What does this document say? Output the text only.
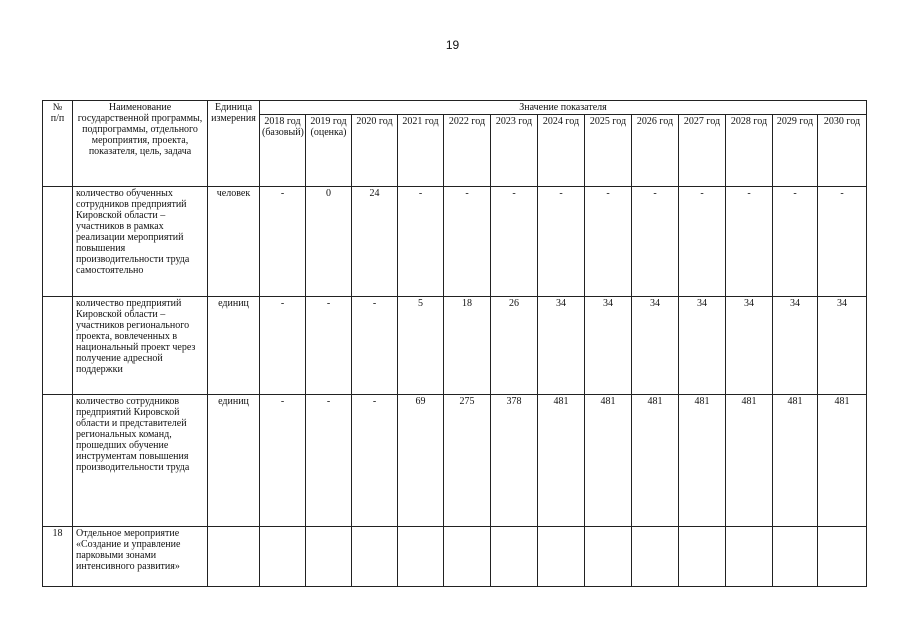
19
№
п/п	Наименование государственной программы, подпрограммы, отдельного мероприятия, проекта, показателя, цель, задача	Единица измерения	Значение показателя												
			2018 год (базовый)	2019 год (оценка)	2020 год	2021 год	2022 год	2023 год	2024 год	2025 год	2026 год	2027 год	2028 год	2029 год	2030 год
	количество обученных сотрудников предприятий Кировской области – участников в рамках реализации мероприятий повышения производительности труда самостоятельно	человек	-	0	24	-	-	-	-	-	-	-	-	-	-
	количество предприятий Кировской области – участников регионального проекта, вовлеченных в национальный проект через получение адресной поддержки	единиц	-	-	-	5	18	26	34	34	34	34	34	34	34
	количество сотрудников предприятий Кировской области и представителей региональных команд, прошедших обучение инструментам повышения производительности труда	единиц	-	-	-	69	275	378	481	481	481	481	481	481	481
18	Отдельное мероприятие «Создание и управление парковыми зонами интенсивного развития»														
